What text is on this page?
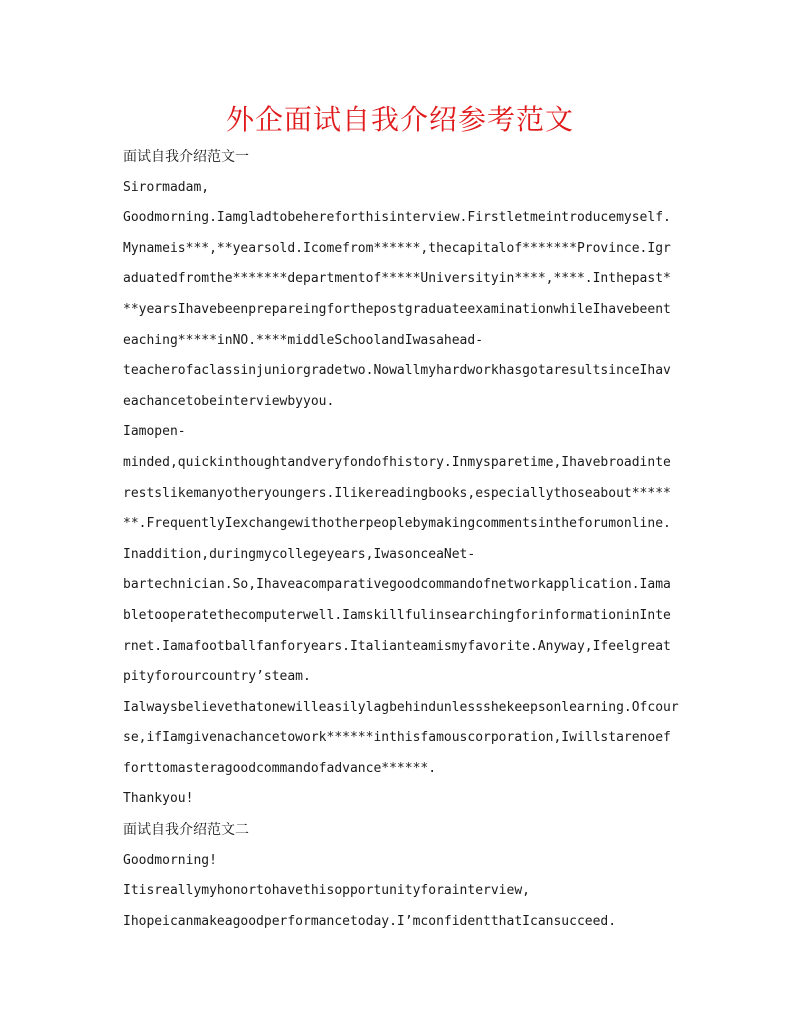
外企面试自我介绍参考范文
面试自我介绍范文一
Sirormadam,
Goodmorning.Iamgladtobehereforthisinterview.Firstletmeintroducemyself.
Mynameis***,**yearsold.Icomefrom******,thecapitalof*******Province.Igr
aduatedfromthe*******departmentof*****Universityin****,****.Inthepast*
**yearsIhavebeenprepareingforthepostgraduateexaminationwhileIhavebeent
eaching*****inNO.****middleSchoolandIwasahead-
teacherofaclassinjuniorgradetwo.NowallmyhardworkhasgotaresultsinceIhav
eachancetobeinterviewbyyou.
Iamopen-
minded,quickinthoughtandveryfondofhistory.Inmysparetime,Ihavebroadinte
restslikemanyotheryoungers.Ilikereadingbooks,especiallythoseabout*****
**.FrequentlyIexchangewithotherpeoplebymakingcommentsintheforumonline.
Inaddition,duringmycollegeyears,IwasonceaNet-
bartechnician.So,Ihaveacomparativegoodcommandofnetworkapplication.Iama
bletooperatethecomputerwell.IamskillfulinsearchingforinformationinInte
rnet.Iamafootballfanforyears.Italianteamismyfavorite.Anyway,Ifeelgreat
pityforourcountry’steam.
Ialwaysbelievethatonewilleasilylagbehindunlessshekeepsonlearning.Ofcour
se,ifIamgivenachancetowork******inthisfamouscorporation,Iwillstarenoef
forttomasteragoodcommandofadvance******.
Thankyou!
面试自我介绍范文二
Goodmorning!
Itisreallymyhonortohavethisopportunityforainterview,
Ihopeicanmakeagoodperformancetoday.I’mconfidentthatIcansucceed.
